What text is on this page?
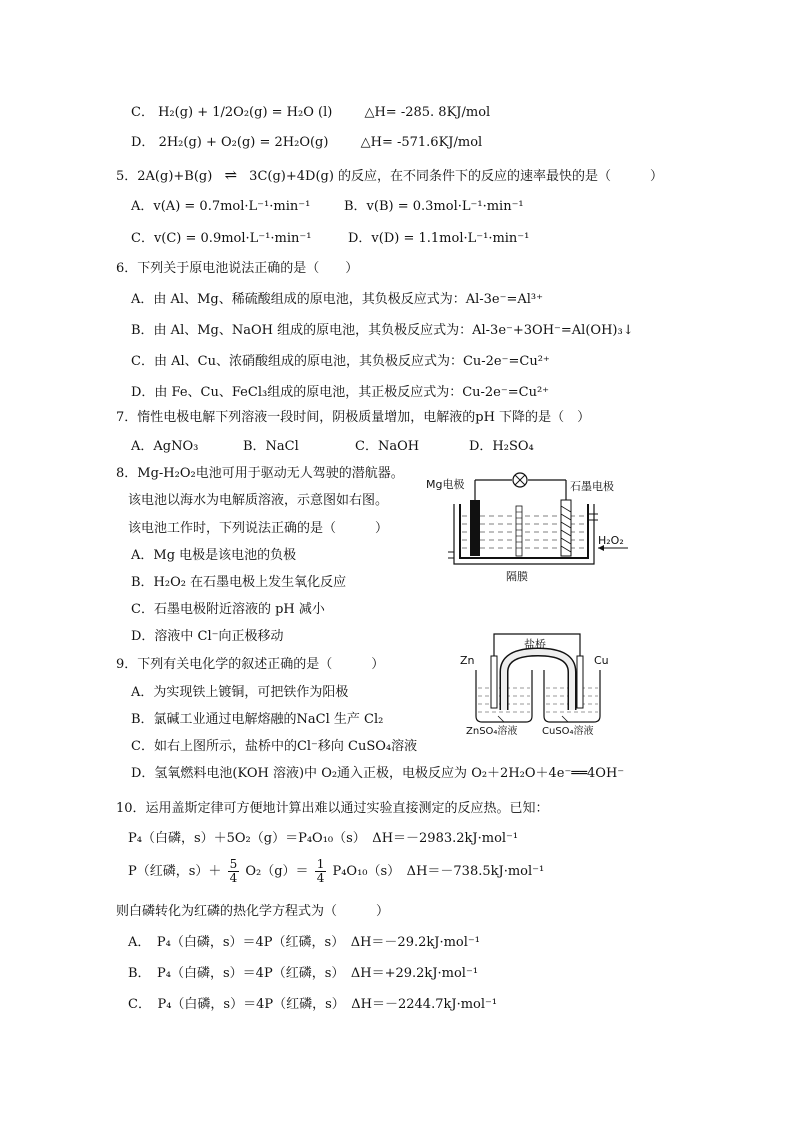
C． H₂(g) + 1/2O₂(g) = H₂O (l) △H= -285. 8KJ/mol
D． 2H₂(g) + O₂(g) = 2H₂O(g) △H= -571.6KJ/mol
5．2A(g)+B(g) ⇌ 3C(g)+4D(g) 的反应，在不同条件下的反应的速率最快的是（　　　）
A．v(A) = 0.7mol·L⁻¹·min⁻¹	B．v(B) = 0.3mol·L⁻¹·min⁻¹
C．v(C) = 0.9mol·L⁻¹·min⁻¹	D．v(D) = 1.1mol·L⁻¹·min⁻¹
6．下列关于原电池说法正确的是（　　）
A．由 Al、Mg、稀硫酸组成的原电池，其负极反应式为：Al-3e⁻=Al³⁺
B．由 Al、Mg、NaOH 组成的原电池，其负极反应式为：Al-3e⁻+3OH⁻=Al(OH)₃↓
C．由 Al、Cu、浓硝酸组成的原电池，其负极反应式为：Cu-2e⁻=Cu²⁺
D．由 Fe、Cu、FeCl₃组成的原电池，其正极反应式为：Cu-2e⁻=Cu²⁺
7．惰性电极电解下列溶液一段时间，阴极质量增加，电解液的pH 下降的是（　）
A．AgNO₃	B．NaCl	C．NaOH	D．H₂SO₄
8．Mg-H₂O₂电池可用于驱动无人驾驶的潜航器。
该电池以海水为电解质溶液，示意图如右图。
该电池工作时，下列说法正确的是（　　　）
A．Mg 电极是该电池的负极
B．H₂O₂ 在石墨电极上发生氧化反应
C．石墨电极附近溶液的 pH 减小
D．溶液中 Cl⁻向正极移动
Mg电极	石墨电极
H₂O₂
隔膜
9．下列有关电化学的叙述正确的是（　　　）
A．为实现铁上镀铜，可把铁作为阳极
B．氯碱工业通过电解熔融的NaCl 生产 Cl₂
C．如右上图所示，盐桥中的Cl⁻移向 CuSO₄溶液
D．氢氧燃料电池(KOH 溶液)中 O₂通入正极，电极反应为 O₂＋2H₂O＋4e⁻══4OH⁻
盐桥
Zn	Cu
ZnSO₄溶液 CuSO₄溶液
10．运用盖斯定律可方便地计算出难以通过实验直接测定的反应热。已知：
P₄（白磷，s）＋5O₂（g）＝P₄O₁₀（s）　ΔH＝－2983.2kJ·mol⁻¹
P（红磷，$s)+ \frac{5}{4} O_2(g)= \frac{1}{4} P_4O_{10}(s)$　ΔH＝－738.5kJ·mol⁻¹
则白磷转化为红磷的热化学方程式为（　　　）
A．　P₄（白磷，s）＝4P（红磷，s）　ΔH＝－29.2kJ·mol⁻¹
B．　P₄（白磷，s）＝4P（红磷，s）　ΔH＝+29.2kJ·mol⁻¹
C．　P₄（白磷，s）＝4P（红磷，s）　ΔH＝－2244.7kJ·mol⁻¹
